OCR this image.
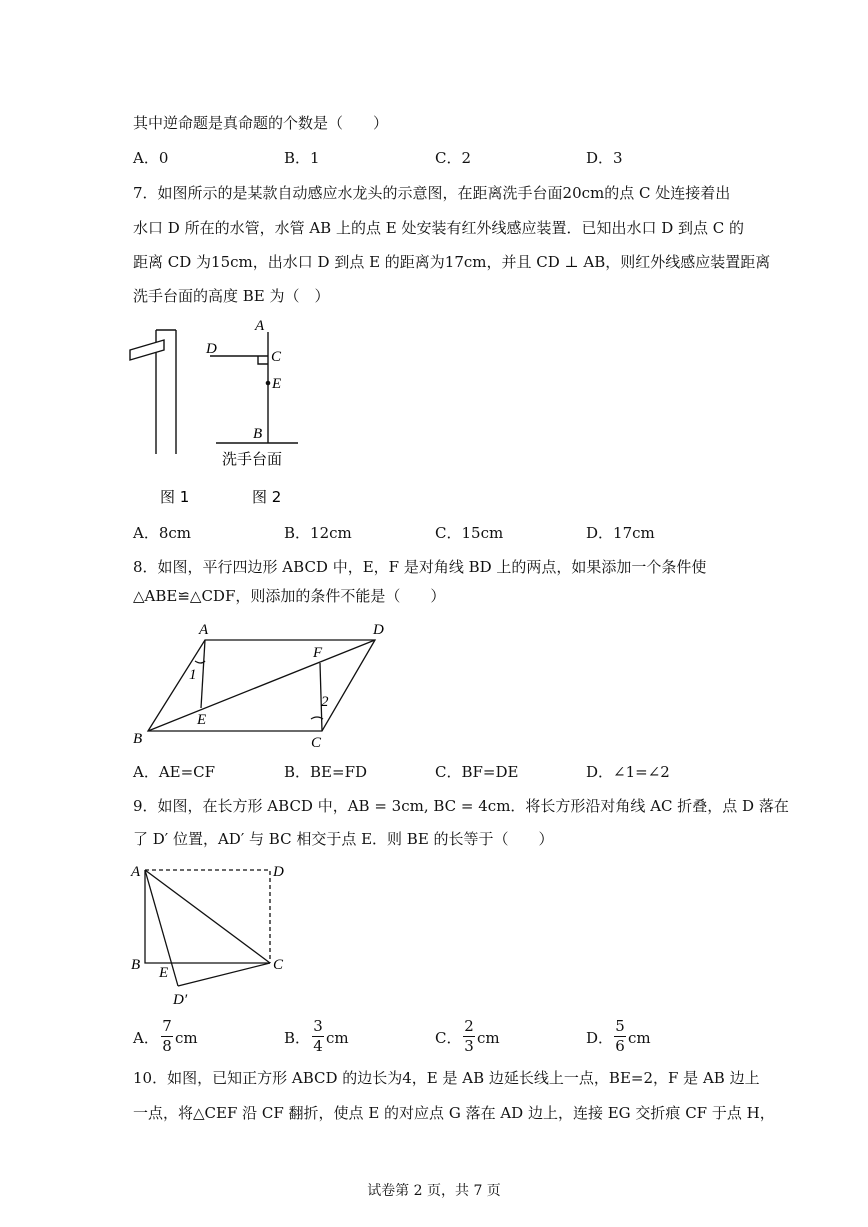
其中逆命题是真命题的个数是（　　）
A．0	B．1	C．2	D．3
7．如图所示的是某款自动感应水龙头的示意图，在距离洗手台面20cm的点 C 处连接着出
水口 D 所在的水管，水管 AB 上的点 E 处安装有红外线感应装置．已知出水口 D 到点 C 的
距离 CD 为15cm，出水口 D 到点 E 的距离为17cm，并且 CD ⊥ AB，则红外线感应装置距离
洗手台面的高度 BE 为（　）
A
D	C
E
B
洗手台面
图 1	图 2
A．8cm	B．12cm	C．15cm	D．17cm
8．如图，平行四边形 ABCD 中，E，F 是对角线 BD 上的两点，如果添加一个条件使
△ABE≌△CDF，则添加的条件不能是（　　）
A	D
F
1
2
E
B	C
A．AE=CF	B．BE=FD	C．BF=DE	D．∠1=∠2
9．如图，在长方形 ABCD 中，AB = 3cm, BC = 4cm．将长方形沿对角线 AC 折叠，点 D 落在
了 D′ 位置，AD′ 与 BC 相交于点 E．则 BE 的长等于（　　）
A	D
B E	C
D′
A．
7
8 cm	B．
3
4 cm	C．
2
3 cm	D．
5
6 cm
10．如图，已知正方形 ABCD 的边长为4，E 是 AB 边延长线上一点，BE=2，F 是 AB 边上
一点，将△CEF 沿 CF 翻折，使点 E 的对应点 G 落在 AD 边上，连接 EG 交折痕 CF 于点 H，
试卷第 2 页，共 7 页
